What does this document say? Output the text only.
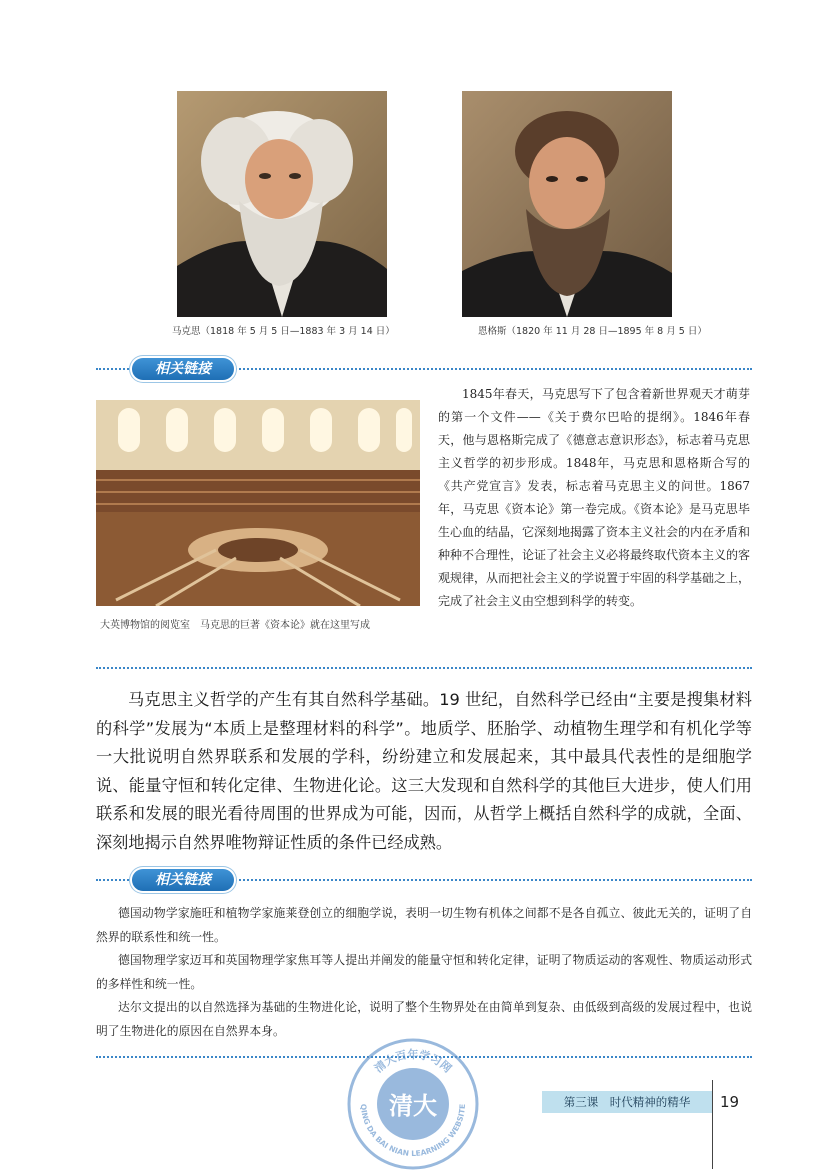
马克思（1818 年 5 月 5 日—1883 年 3 月 14 日）	恩格斯（1820 年 11 月 28 日—1895 年 8 月 5 日）
相关链接
大英博物馆的阅览室　马克思的巨著《资本论》就在这里写成

1845年春天，马克思写下了包含着新世界观天才萌芽的第一个文件——《关于费尔巴哈的提纲》。1846年春天，他与恩格斯完成了《德意志意识形态》，标志着马克思主义哲学的初步形成。1848年，马克思和恩格斯合写的《共产党宣言》发表，标志着马克思主义的问世。1867年，马克思《资本论》第一卷完成。《资本论》是马克思毕生心血的结晶，它深刻地揭露了资本主义社会的内在矛盾和种种不合理性，论证了社会主义必将最终取代资本主义的客观规律，从而把社会主义的学说置于牢固的科学基础之上，完成了社会主义由空想到科学的转变。

马克思主义哲学的产生有其自然科学基础。19 世纪，自然科学已经由“主要是搜集材料的科学”发展为“本质上是整理材料的科学”。地质学、胚胎学、动植物生理学和有机化学等一大批说明自然界联系和发展的学科，纷纷建立和发展起来，其中最具代表性的是细胞学说、能量守恒和转化定律、生物进化论。这三大发现和自然科学的其他巨大进步，使人们用联系和发展的眼光看待周围的世界成为可能，因而，从哲学上概括自然科学的成就，全面、深刻地揭示自然界唯物辩证性质的条件已经成熟。

相关链接

德国动物学家施旺和植物学家施莱登创立的细胞学说，表明一切生物有机体之间都不是各自孤立、彼此无关的，证明了自然界的联系性和统一性。

德国物理学家迈耳和英国物理学家焦耳等人提出并阐发的能量守恒和转化定律，证明了物质运动的客观性、物质运动形式的多样性和统一性。

达尔文提出的以自然选择为基础的生物进化论，说明了整个生物界处在由简单到复杂、由低级到高级的发展过程中，也说明了生物进化的原因在自然界本身。

清大
清大百年学习网
QING DA BAI NIAN LEARNING WEBSITE	第三课　时代精神的精华	19
